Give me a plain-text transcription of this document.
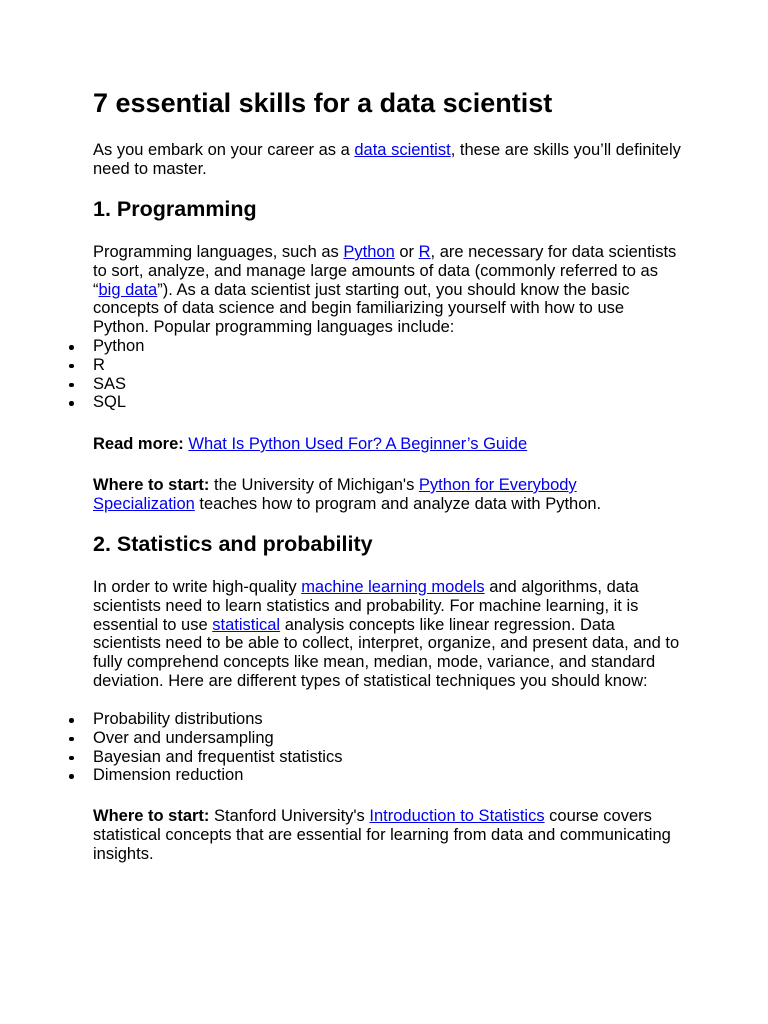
7 essential skills for a data scientist

As you embark on your career as a data scientist, these are skills you’ll definitely need to master.

1. Programming

Programming languages, such as Python or R, are necessary for data scientists to sort, analyze, and manage large amounts of data (commonly referred to as “big data”). As a data scientist just starting out, you should know the basic concepts of data science and begin familiarizing yourself with how to use Python. Popular programming languages include:

Python
R
SAS
SQL

Read more: What Is Python Used For? A Beginner’s Guide

Where to start: the University of Michigan's Python for Everybody Specialization teaches how to program and analyze data with Python.

2. Statistics and probability

In order to write high-quality machine learning models and algorithms, data scientists need to learn statistics and probability. For machine learning, it is essential to use statistical analysis concepts like linear regression. Data scientists need to be able to collect, interpret, organize, and present data, and to fully comprehend concepts like mean, median, mode, variance, and standard deviation. Here are different types of statistical techniques you should know:

Probability distributions
Over and undersampling
Bayesian and frequentist statistics
Dimension reduction

Where to start: Stanford University's Introduction to Statistics course covers statistical concepts that are essential for learning from data and communicating insights.
